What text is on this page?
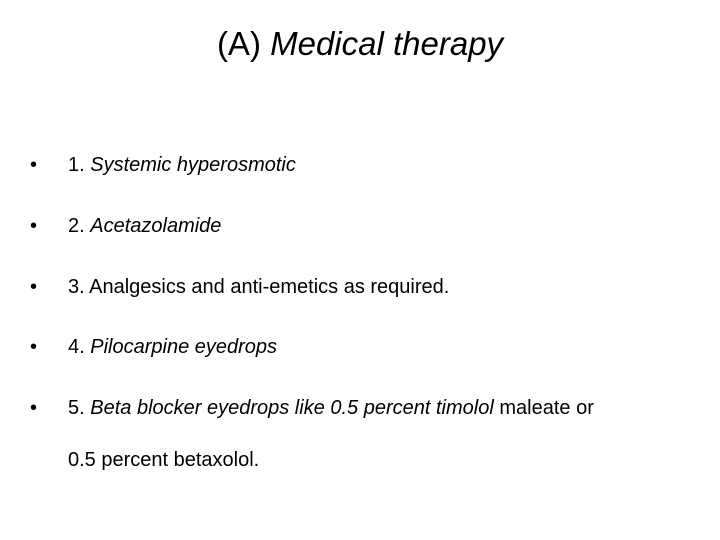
(A) Medical therapy
•	1. Systemic hyperosmotic
•	2. Acetazolamide
•	3. Analgesics and anti-emetics as required.
•	4. Pilocarpine eyedrops
•	5. Beta blocker eyedrops like 0.5 percent timolol maleate or
0.5 percent betaxolol.
